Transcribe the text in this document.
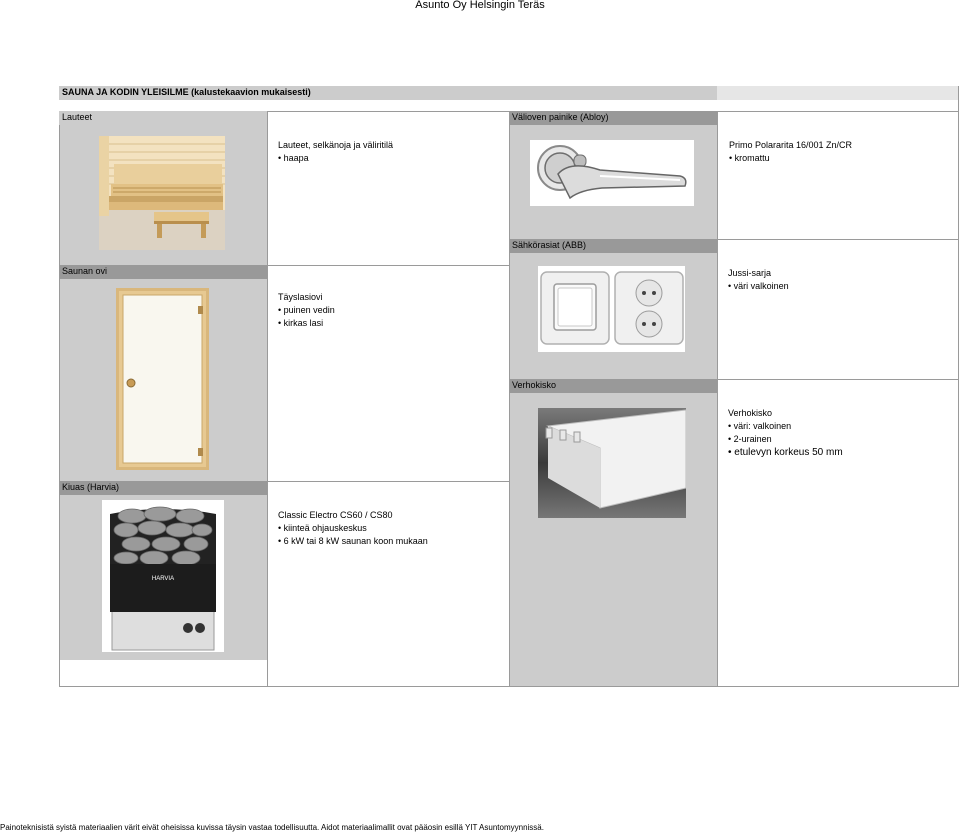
Asunto Oy Helsingin Teräs
SAUNA JA KODIN YLEISILME (kalustekaavion mukaisesti)
Lauteet	Välioven painike (Abloy)
Sähkörasiat (ABB)
Saunan ovi
Verhokisko
Kiuas (Harvia)
Lauteet, selkänoja ja väliritilä
• haapa
Primo Polararita 16/001 Zn/CR
• kromattu
Jussi-sarja
• väri valkoinen
Täyslasiovi
• puinen vedin
• kirkas lasi
Verhokisko
• väri: valkoinen
• 2-urainen
• etulevyn korkeus 50 mm
Classic Electro CS60 / CS80
• kiinteä ohjauskeskus
• 6 kW tai 8 kW saunan koon mukaan
HARVIA
Painoteknisistä syistä materiaalien värit eivät oheisissa kuvissa täysin vastaa todellisuutta. Aidot materiaalimallit ovat pääosin esillä YIT Asuntomyynnissä.
